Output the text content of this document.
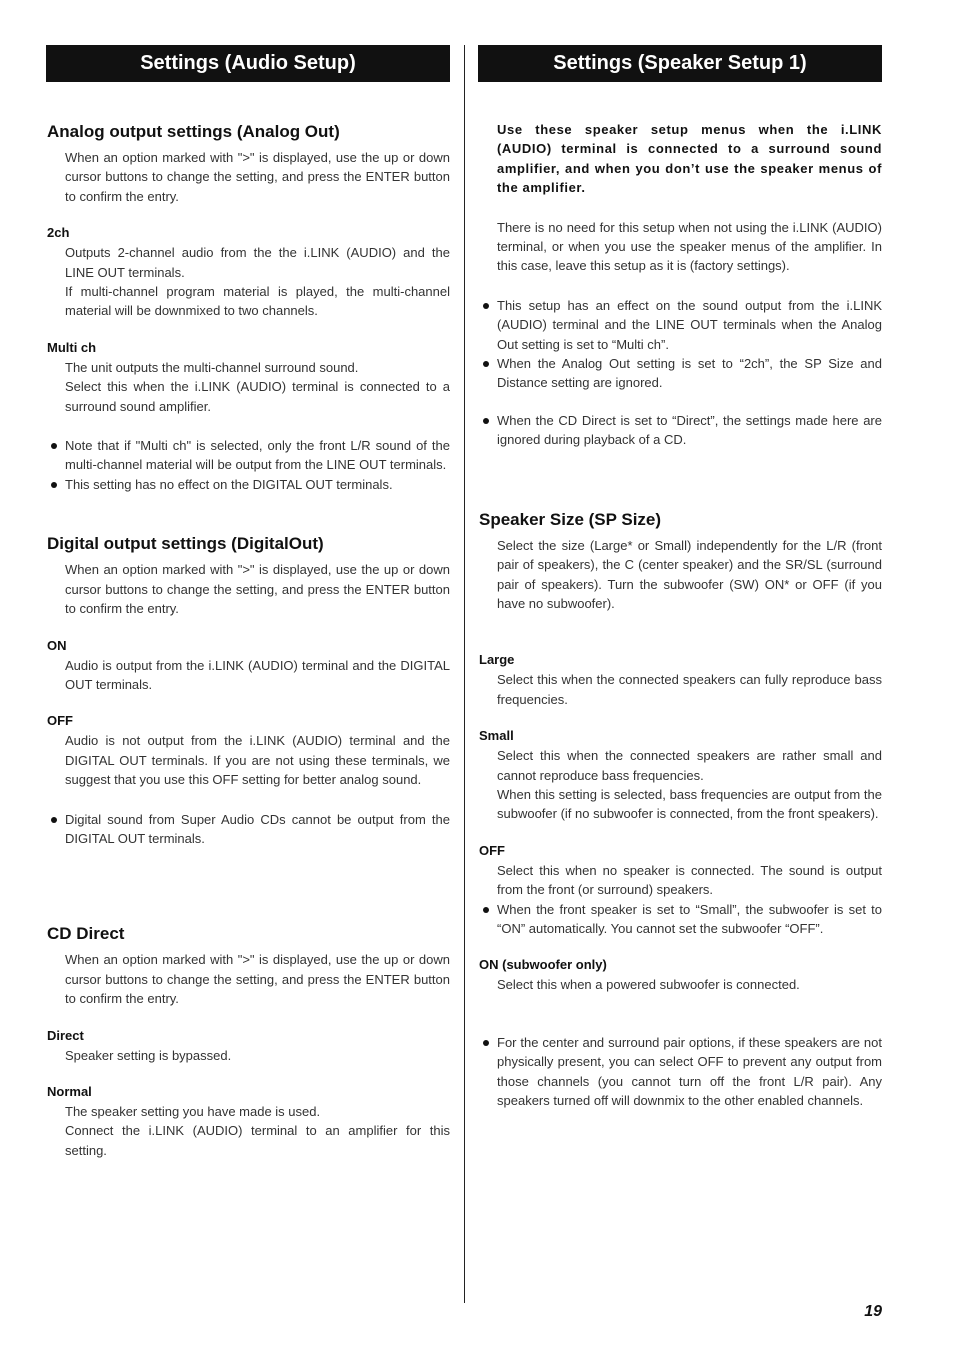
Settings (Audio Setup)
Analog output settings (Analog Out)

When an option marked with ">" is displayed, use the up or down cursor buttons to change the setting, and press the ENTER button to confirm the entry.

2ch

Outputs 2-channel audio from the the i.LINK (AUDIO) and the LINE OUT terminals.

If multi-channel program material is played, the multi-channel material will be downmixed to two channels.

Multi ch

The unit outputs the multi-channel surround sound.

Select this when the i.LINK (AUDIO) terminal is connected to a surround sound amplifier.

Note that if "Multi ch" is selected, only the front L/R sound of the multi-channel material will be output from the LINE OUT terminals.
This setting has no effect on the DIGITAL OUT terminals.
Digital output settings (DigitalOut)

When an option marked with ">" is displayed, use the up or down cursor buttons to change the setting, and press the ENTER button to confirm the entry.

ON

Audio is output from the i.LINK (AUDIO) terminal and the DIGITAL OUT terminals.

OFF

Audio is not output from the i.LINK (AUDIO) terminal and the DIGITAL OUT terminals. If you are not using these terminals, we suggest that you use this OFF setting for better analog sound.

Digital sound from Super Audio CDs cannot be output from the DIGITAL OUT terminals.
CD Direct

When an option marked with ">" is displayed, use the up or down cursor buttons to change the setting, and press the ENTER button to confirm the entry.

Direct

Speaker setting is bypassed.

Normal

The speaker setting you have made is used.

Connect the i.LINK (AUDIO) terminal to an amplifier for this setting.

Settings (Speaker Setup 1)
Use these speaker setup menus when the i.LINK (AUDIO) terminal is connected to a surround sound amplifier, and when you don’t use the speaker menus of the amplifier.

There is no need for this setup when not using the i.LINK (AUDIO) terminal, or when you use the speaker menus of the amplifier. In this case, leave this setup as it is (factory settings).

This setup has an effect on the sound output from the i.LINK (AUDIO) terminal and the LINE OUT terminals when the Analog Out setting is set to “Multi ch”.
When the Analog Out setting is set to “2ch”, the SP Size and Distance setting are ignored.
When the CD Direct is set to “Direct”, the settings made here are ignored during playback of a CD.
Speaker Size (SP Size)

Select the size (Large* or Small) independently for the L/R (front pair of speakers), the C (center speaker) and the SR/SL (surround pair of speakers). Turn the subwoofer (SW) ON* or OFF (if you have no subwoofer).

Large

Select this when the connected speakers can fully reproduce bass frequencies.

Small

Select this when the connected speakers are rather small and cannot reproduce bass frequencies.

When this setting is selected, bass frequencies are output from the subwoofer (if no subwoofer is connected, from the front speakers).

OFF

Select this when no speaker is connected. The sound is output from the front (or surround) speakers.

When the front speaker is set to “Small”, the subwoofer is set to “ON” automatically. You cannot set the subwoofer “OFF”.
ON (subwoofer only)

Select this when a powered subwoofer is connected.

For the center and surround pair options, if these speakers are not physically present, you can select OFF to prevent any output from those channels (you cannot turn off the front L/R pair). Any speakers turned off will downmix to the other enabled channels.
19
